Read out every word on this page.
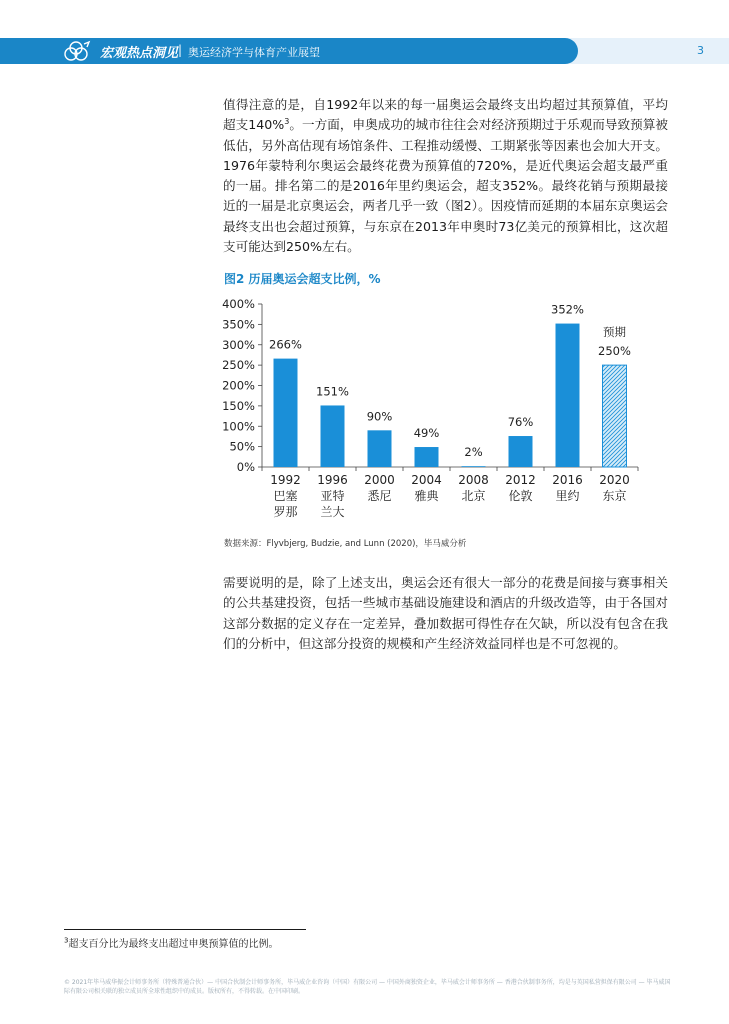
宏观热点洞见 | 奥运经济学与体育产业展望	3

值得注意的是，自1992年以来的每一届奥运会最终支出均超过其预算值，平均超支140%$^3$。一方面，申奥成功的城市往往会对经济预期过于乐观而导致预算被低估，另外高估现有场馆条件、工程推动缓慢、工期紧张等因素也会加大开支。1976年蒙特利尔奥运会最终花费为预算值的720%，是近代奥运会超支最严重的一届。排名第二的是2016年里约奥运会，超支352%。最终花销与预期最接近的一届是北京奥运会，两者几乎一致（图2）。因疫情而延期的本届东京奥运会最终支出也会超过预算，与东京在2013年申奥时73亿美元的预算相比，这次超支可能达到250%左右。

图2 历届奥运会超支比例，%
0%
50%
100%
150%
200%
250%
300%
350%
400%
266%
1992
巴塞
罗那
151%
1996
亚特
兰大
90%
2000
悉尼
49%
2004
雅典
2%
2008
北京
76%
2012
伦敦
352%
2016
里约
250%
预期
2020
东京
数据来源：Flyvbjerg, Budzie, and Lunn (2020)，毕马威分析

需要说明的是，除了上述支出，奥运会还有很大一部分的花费是间接与赛事相关的公共基建投资，包括一些城市基础设施建设和酒店的升级改造等，由于各国对这部分数据的定义存在一定差异，叠加数据可得性存在欠缺，所以没有包含在我们的分析中，但这部分投资的规模和产生经济效益同样也是不可忽视的。

$^3$超支百分比为最终支出超过申奥预算值的比例。
© 2021年毕马威华振会计师事务所（特殊普通合伙）— 中国合伙制会计师事务所，毕马威企业咨询（中国）有限公司 — 中国外商独资企业，毕马威会计师事务所 — 香港合伙制事务所，均是与英国私营担保有限公司 — 毕马威国际有限公司相关联的独立成员所全球性组织中的成员。版权所有，不得转载。在中国印刷。
